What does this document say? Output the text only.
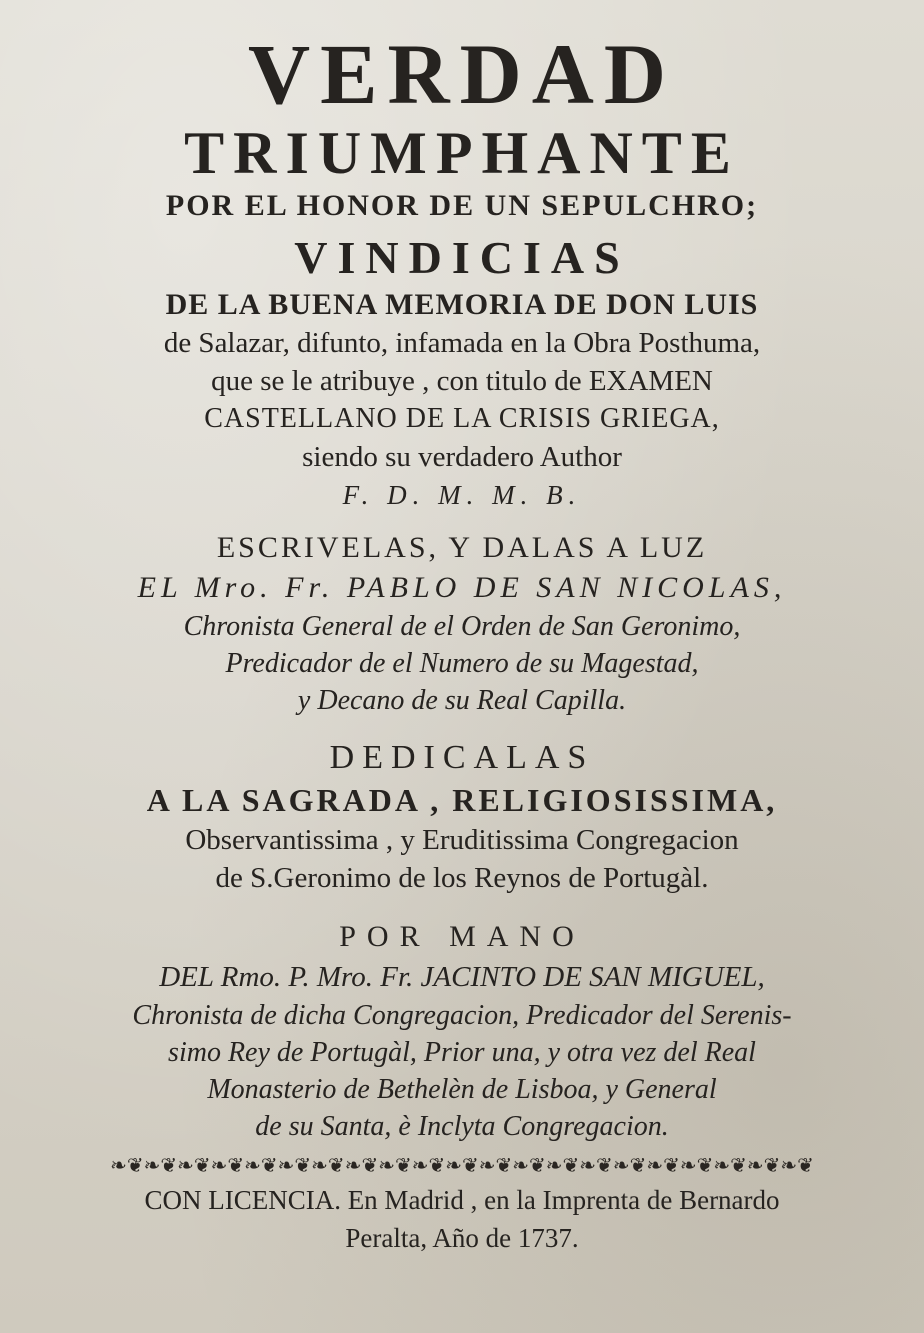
VERDAD
TRIUMPHANTE
POR EL HONOR DE UN SEPULCHRO;
VINDICIAS
DE LA BUENA MEMORIA DE DON LUIS
de Salazar, difunto, infamada en la Obra Posthuma,
que se le atribuye , con titulo de EXAMEN
CASTELLANO DE LA CRISIS GRIEGA,
siendo su verdadero Author
F. D. M. M. B.
ESCRIVELAS, Y DALAS A LUZ
EL Mro. Fr. PABLO DE SAN NICOLAS,
Chronista General de el Orden de San Geronimo,
Predicador de el Numero de su Magestad,
y Decano de su Real Capilla.
DEDICALAS
A LA SAGRADA , RELIGIOSISSIMA,
Observantissima , y Eruditissima Congregacion
de S.Geronimo de los Reynos de Portugàl.
POR MANO
DEL Rmo. P. Mro. Fr. JACINTO DE SAN MIGUEL,
Chronista de dicha Congregacion, Predicador del Serenis-
simo Rey de Portugàl, Prior una, y otra vez del Real
Monasterio de Bethelèn de Lisboa, y General
de su Santa, è Inclyta Congregacion.
❧❦❧❦❧❦❧❦❧❦❧❦❧❦❧❦❧❦❧❦❧❦❧❦❧❦❧❦❧❦❧❦❧❦❧❦❧❦❧❦❧❦
CON LICENCIA. En Madrid , en la Imprenta de Bernardo
Peralta, Año de 1737.
